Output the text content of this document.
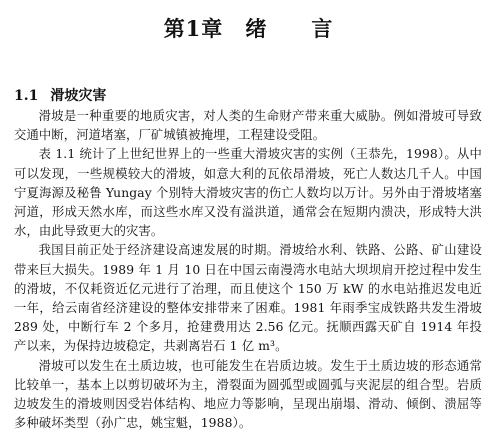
第1章 绪 言
1.1 滑坡灾害

滑坡是一种重要的地质灾害，对人类的生命财产带来重大威胁。例如滑坡可导致交通中断，河道堵塞，厂矿城镇被掩埋，工程建设受阻。

表 1.1 统计了上世纪世界上的一些重大滑坡灾害的实例（王恭先，1998）。从中可以发现，一些规模较大的滑坡，如意大利的瓦依昂滑坡，死亡人数达几千人。中国宁夏海源及秘鲁 Yungay 个别特大滑坡灾害的伤亡人数均以万计。另外由于滑坡堵塞河道，形成天然水库，而这些水库又没有溢洪道，通常会在短期内溃决，形成特大洪水，由此导致更大的灾害。

我国目前正处于经济建设高速发展的时期。滑坡给水利、铁路、公路、矿山建设带来巨大损失。1989 年 1 月 10 日在中国云南漫湾水电站大坝坝肩开挖过程中发生的滑坡，不仅耗资近亿元进行了治理，而且使这个 150 万 kW 的水电站推迟发电近一年，给云南省经济建设的整体安排带来了困难。1981 年雨季宝成铁路共发生滑坡 289 处，中断行车 2 个多月，抢建费用达 2.56 亿元。抚顺西露天矿自 1914 年投产以来，为保持边坡稳定，共剥离岩石 1 亿 m³。

滑坡可以发生在土质边坡，也可能发生在岩质边坡。发生于土质边坡的形态通常比较单一，基本上以剪切破坏为主，滑裂面为圆弧型或圆弧与夹泥层的组合型。岩质边坡发生的滑坡则因受岩体结构、地应力等影响，呈现出崩塌、滑动、倾倒、溃屈等多种破坏类型（孙广忠，姚宝魁，1988）。
